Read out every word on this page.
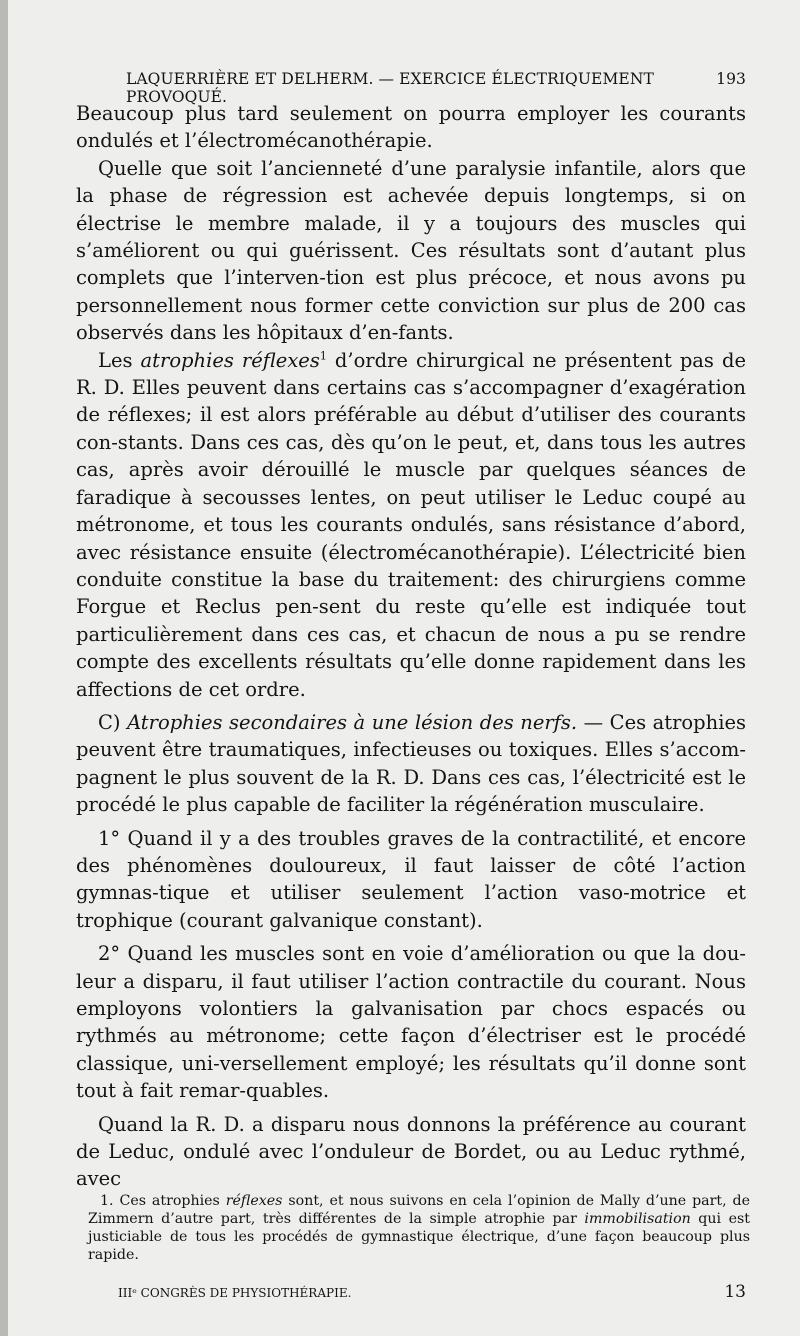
LAQUERRIÈRE ET DELHERM. — EXERCICE ÉLECTRIQUEMENT PROVOQUÉ.
193

Beaucoup plus tard seulement on pourra employer les courants ondulés et l’électromécanothérapie.

Quelle que soit l’ancienneté d’une paralysie infantile, alors que la phase de régression est achevée depuis longtemps, si on électrise le membre malade, il y a toujours des muscles qui s’améliorent ou qui guérissent. Ces résultats sont d’autant plus complets que l’interven-tion est plus précoce, et nous avons pu personnellement nous former cette conviction sur plus de 200 cas observés dans les hôpitaux d’en-fants.

Les atrophies réflexes$^1$ d’ordre chirurgical ne présentent pas de R. D. Elles peuvent dans certains cas s’accompagner d’exagération de réflexes; il est alors préférable au début d’utiliser des courants con-stants. Dans ces cas, dès qu’on le peut, et, dans tous les autres cas, après avoir dérouillé le muscle par quelques séances de faradique à secousses lentes, on peut utiliser le Leduc coupé au métronome, et tous les courants ondulés, sans résistance d’abord, avec résistance ensuite (électromécanothérapie). L’électricité bien conduite constitue la base du traitement: des chirurgiens comme Forgue et Reclus pen-sent du reste qu’elle est indiquée tout particulièrement dans ces cas, et chacun de nous a pu se rendre compte des excellents résultats qu’elle donne rapidement dans les affections de cet ordre.

C) Atrophies secondaires à une lésion des nerfs. — Ces atrophies peuvent être traumatiques, infectieuses ou toxiques. Elles s’accom-pagnent le plus souvent de la R. D. Dans ces cas, l’électricité est le procédé le plus capable de faciliter la régénération musculaire.

1° Quand il y a des troubles graves de la contractilité, et encore des phénomènes douloureux, il faut laisser de côté l’action gymnas-tique et utiliser seulement l’action vaso-motrice et trophique (courant galvanique constant).

2° Quand les muscles sont en voie d’amélioration ou que la dou-leur a disparu, il faut utiliser l’action contractile du courant. Nous employons volontiers la galvanisation par chocs espacés ou rythmés au métronome; cette façon d’électriser est le procédé classique, uni-versellement employé; les résultats qu’il donne sont tout à fait remar-quables.

Quand la R. D. a disparu nous donnons la préférence au courant de Leduc, ondulé avec l’onduleur de Bordet, ou au Leduc rythmé, avec

1. Ces atrophies réflexes sont, et nous suivons en cela l’opinion de Mally d’une part, de Zimmern d’autre part, très différentes de la simple atrophie par immobilisation qui est justiciable de tous les procédés de gymnastique électrique, d’une façon beaucoup plus rapide.

IIIᵉ CONGRÈS DE PHYSIOTHÉRAPIE.	13
